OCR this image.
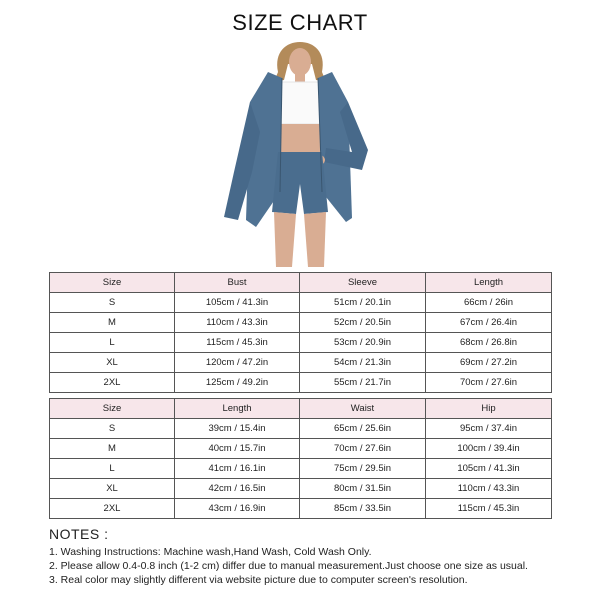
SIZE CHART
Size	Bust	Sleeve	Length
S	105cm / 41.3in	51cm / 20.1in	66cm / 26in
M	110cm / 43.3in	52cm / 20.5in	67cm / 26.4in
L	115cm / 45.3in	53cm / 20.9in	68cm / 26.8in
XL	120cm / 47.2in	54cm / 21.3in	69cm / 27.2in
2XL	125cm / 49.2in	55cm / 21.7in	70cm / 27.6in
Size	Length	Waist	Hip
S	39cm / 15.4in	65cm / 25.6in	95cm / 37.4in
M	40cm / 15.7in	70cm / 27.6in	100cm / 39.4in
L	41cm / 16.1in	75cm / 29.5in	105cm / 41.3in
XL	42cm / 16.5in	80cm / 31.5in	110cm / 43.3in
2XL	43cm / 16.9in	85cm / 33.5in	115cm / 45.3in
NOTES :
1. Washing Instructions: Machine wash,Hand Wash, Cold Wash Only.
2. Please allow 0.4-0.8 inch (1-2 cm) differ due to manual measurement.Just choose one size as usual.
3. Real color may slightly different via website picture due to computer screen's resolution.
